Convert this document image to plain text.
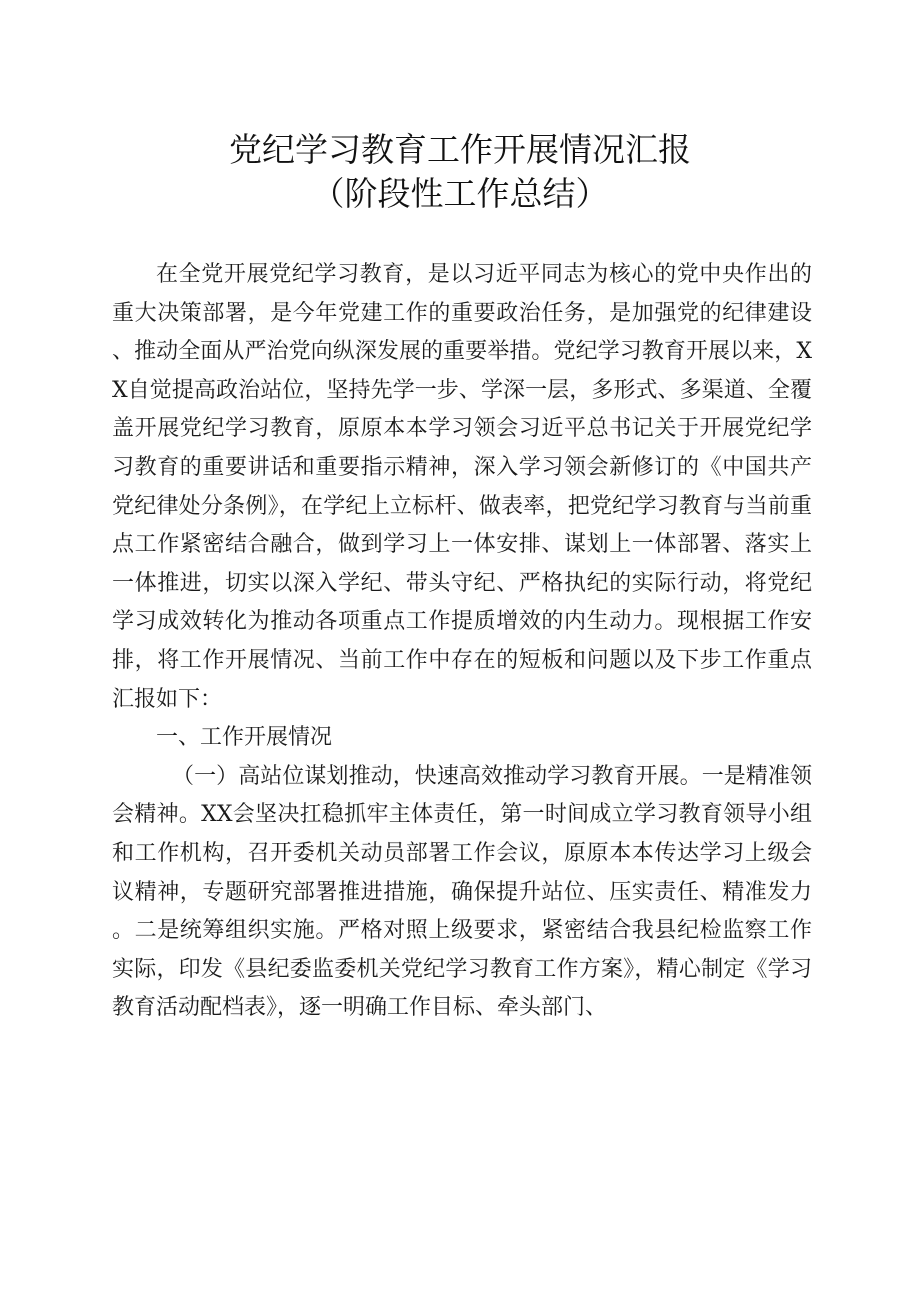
党纪学习教育工作开展情况汇报
（阶段性工作总结）

在全党开展党纪学习教育，是以习近平同志为核心的党中央作出的重大决策部署，是今年党建工作的重要政治任务，是加强党的纪律建设、推动全面从严治党向纵深发展的重要举措。党纪学习教育开展以来，XX自觉提高政治站位，坚持先学一步、学深一层，多形式、多渠道、全覆盖开展党纪学习教育，原原本本学习领会习近平总书记关于开展党纪学习教育的重要讲话和重要指示精神，深入学习领会新修订的《中国共产党纪律处分条例》，在学纪上立标杆、做表率，把党纪学习教育与当前重点工作紧密结合融合，做到学习上一体安排、谋划上一体部署、落实上一体推进，切实以深入学纪、带头守纪、严格执纪的实际行动，将党纪学习成效转化为推动各项重点工作提质增效的内生动力。现根据工作安排，将工作开展情况、当前工作中存在的短板和问题以及下步工作重点汇报如下：

一、工作开展情况

（一）高站位谋划推动，快速高效推动学习教育开展。一是精准领会精神。XX会坚决扛稳抓牢主体责任，第一时间成立学习教育领导小组和工作机构，召开委机关动员部署工作会议，原原本本传达学习上级会议精神，专题研究部署推进措施，确保提升站位、压实责任、精准发力。二是统筹组织实施。严格对照上级要求，紧密结合我县纪检监察工作实际，印发《县纪委监委机关党纪学习教育工作方案》，精心制定《学习教育活动配档表》，逐一明确工作目标、牵头部门、
